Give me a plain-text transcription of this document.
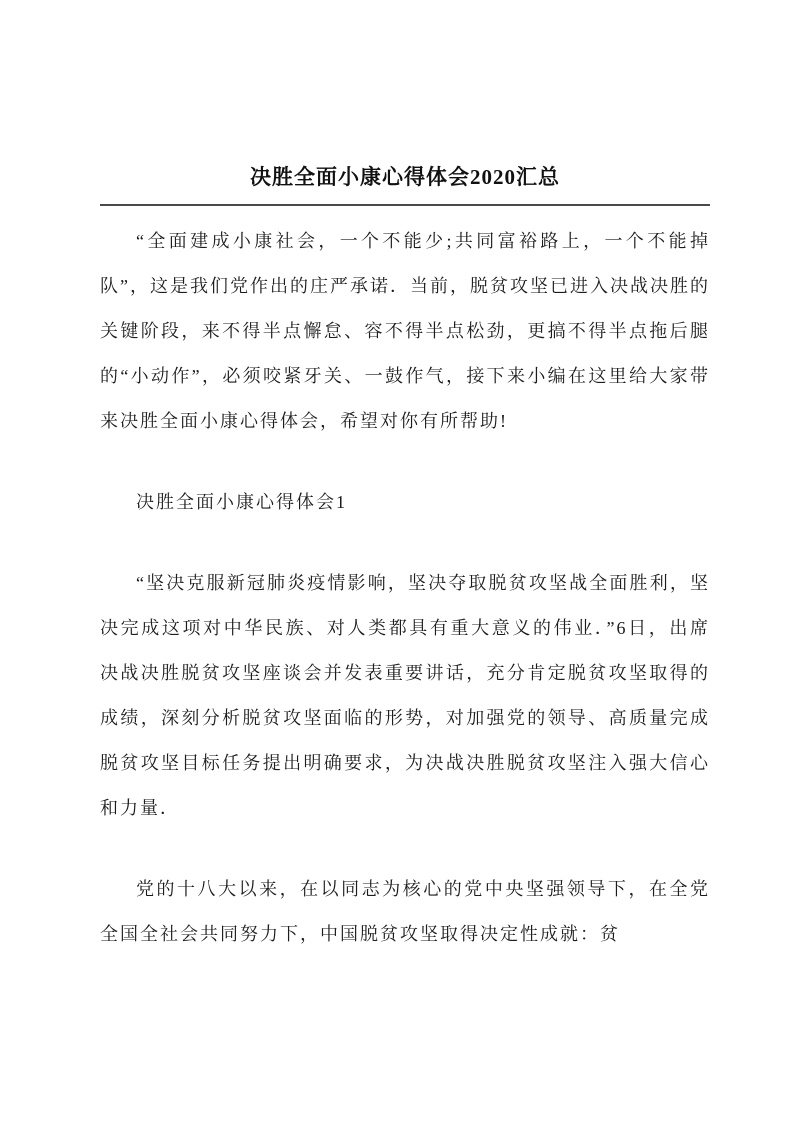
决胜全面小康心得体会2020汇总

“全面建成小康社会，一个不能少;共同富裕路上，一个不能掉队”，这是我们党作出的庄严承诺．当前，脱贫攻坚已进入决战决胜的关键阶段，来不得半点懈怠、容不得半点松劲，更搞不得半点拖后腿的“小动作”，必须咬紧牙关、一鼓作气，接下来小编在这里给大家带来决胜全面小康心得体会，希望对你有所帮助!

决胜全面小康心得体会1

“坚决克服新冠肺炎疫情影响，坚决夺取脱贫攻坚战全面胜利，坚决完成这项对中华民族、对人类都具有重大意义的伟业．”6日，出席决战决胜脱贫攻坚座谈会并发表重要讲话，充分肯定脱贫攻坚取得的成绩，深刻分析脱贫攻坚面临的形势，对加强党的领导、高质量完成脱贫攻坚目标任务提出明确要求，为决战决胜脱贫攻坚注入强大信心和力量．

党的十八大以来，在以同志为核心的党中央坚强领导下，在全党全国全社会共同努力下，中国脱贫攻坚取得决定性成就：贫
